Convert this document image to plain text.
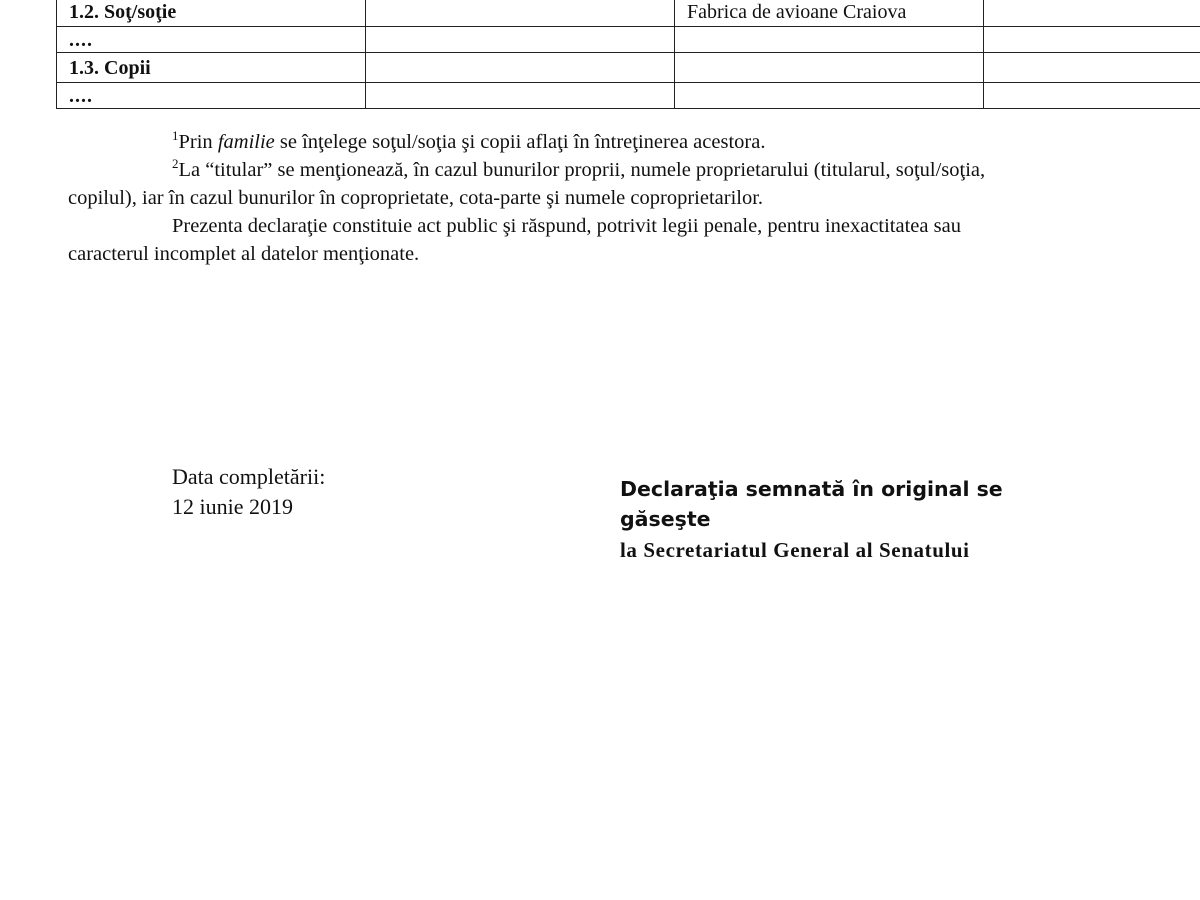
1.2. Soţ/soţie		Fabrica de avioane Craiova	
....			
1.3. Copii			
....			

$^1$Prin familie se înţelege soţul/soţia şi copii aflaţi în întreţinerea acestora.

$^2$La “titular” se menţionează, în cazul bunurilor proprii, numele proprietarului (titularul, soţul/soţia,

copilul), iar în cazul bunurilor în coproprietate, cota-parte şi numele coproprietarilor.

Prezenta declaraţie constituie act public şi răspund, potrivit legii penale, pentru inexactitatea sau

caracterul incomplet al datelor menţionate.

Data completării:
12 iunie 2019
Declaraţia semnată în original se
găseşte
la Secretariatul General al Senatului
